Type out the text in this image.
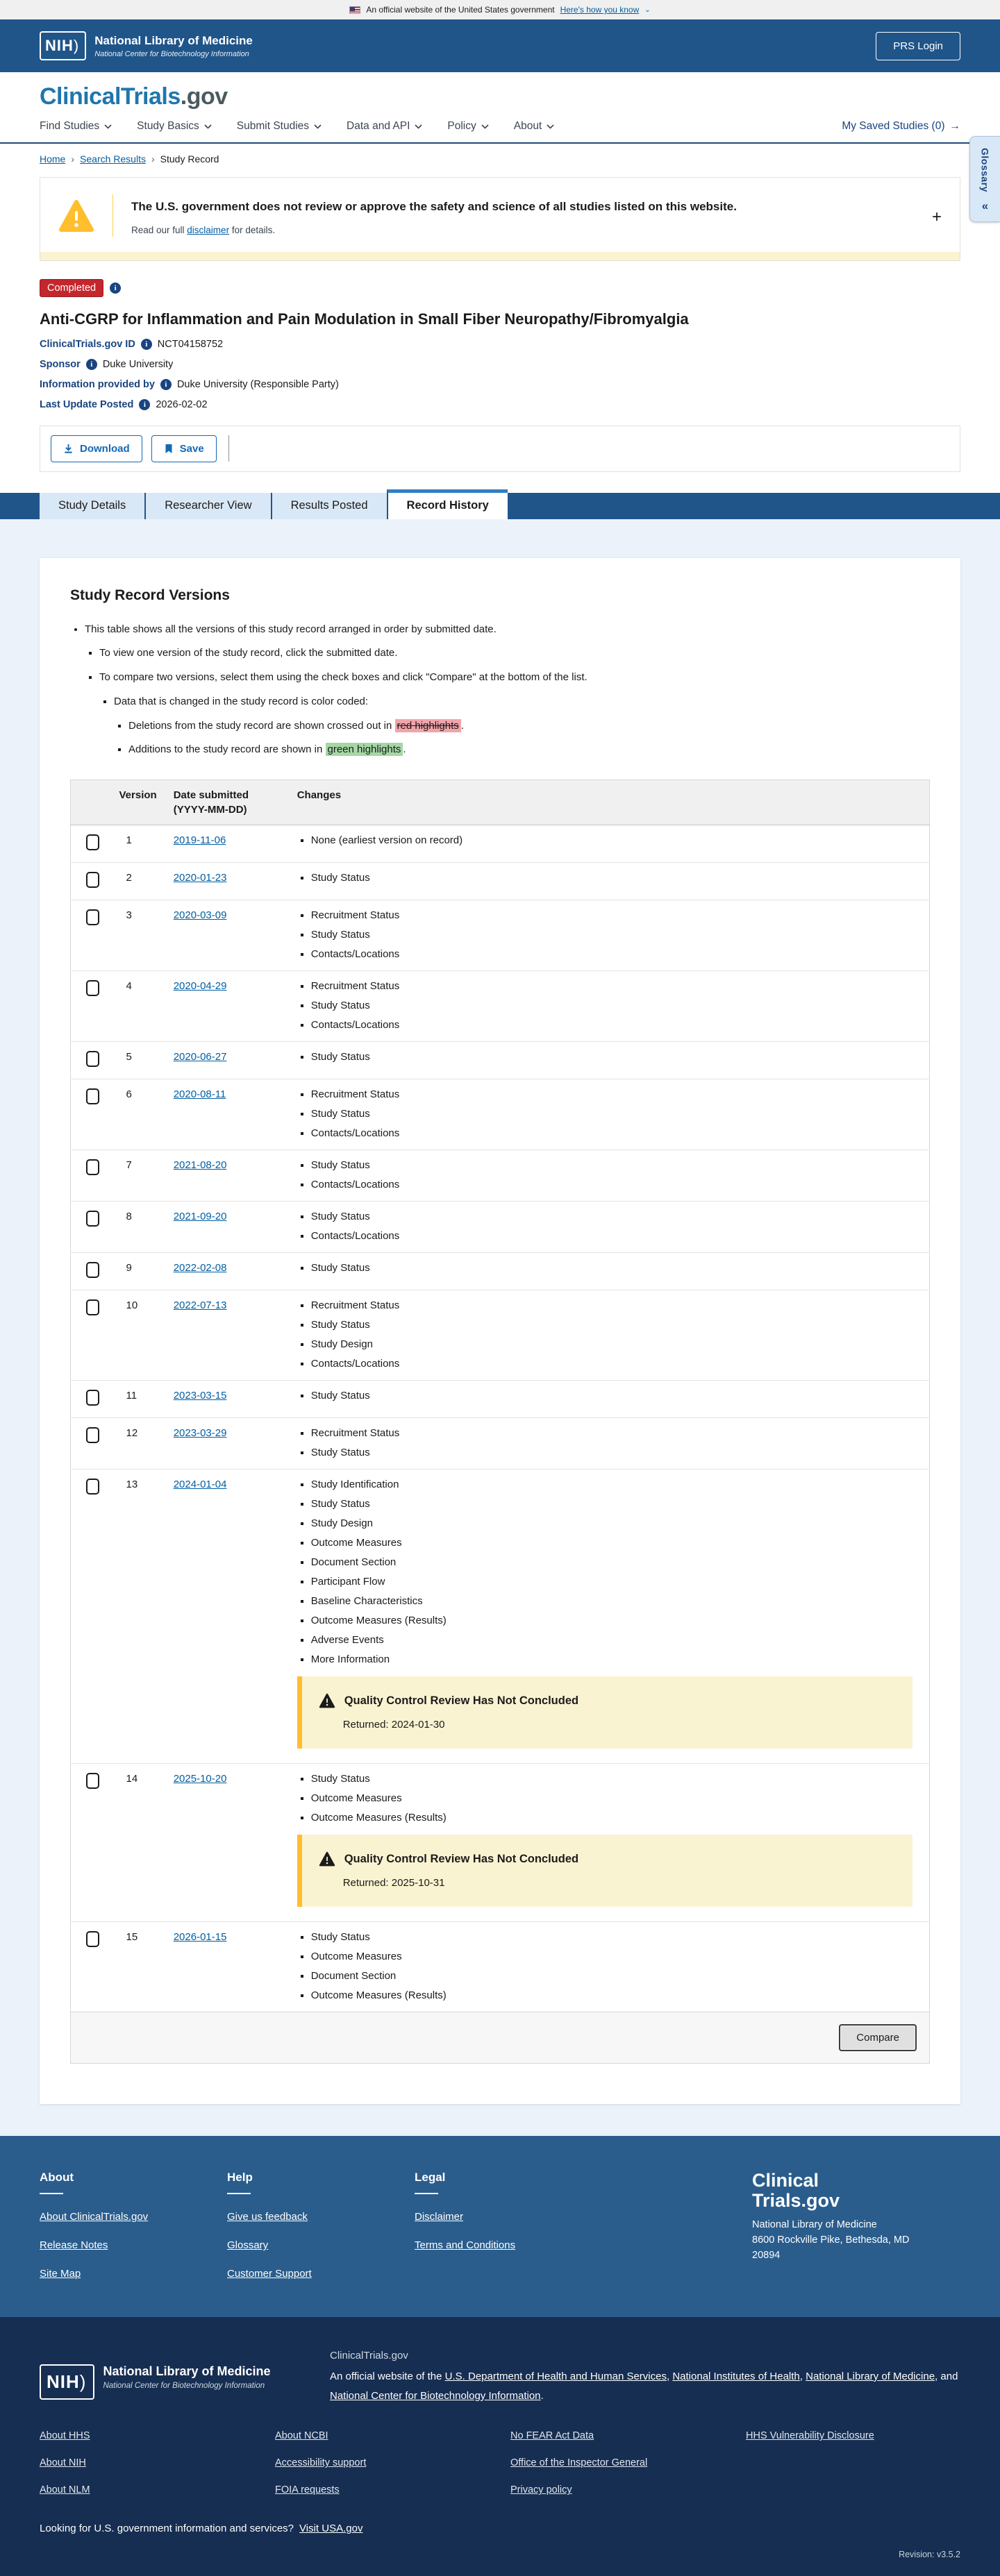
An official website of the United States government Here's how you know ⌄
NIH)	National Library of Medicine
National Center for Biotechnology Information
PRS Login
ClinicalTrials.gov
Find Studies	Study Basics	Submit Studies	Data and API	Policy	About	My Saved Studies (0) →
Home › Search Results › Study Record	Glossary
«
The U.S. government does not review or approve the safety and science of all studies listed on this website.
Read our full disclaimer for details.
+
Completed
i
Anti-CGRP for Inflammation and Pain Modulation in Small Fiber Neuropathy/Fibromyalgia
ClinicalTrials.gov ID i NCT04158752
Sponsor i Duke University
Information provided by i Duke University (Responsible Party)
Last Update Posted i 2026-02-02
Download	Save
Study Details	Researcher View	Results Posted	Record History
Study Record Versions
• This table shows all the versions of this study record arranged in order by submitted date.
▪ To view one version of the study record, click the submitted date.
▪ To compare two versions, select them using the check boxes and click "Compare" at the bottom of the list.
▪ Data that is changed in the study record is color coded:
▪ Deletions from the study record are shown crossed out in red highlights .
▪ Additions to the study record are shown in green highlights .
	Version	Date submitted
(YYYY-MM-DD)	Changes
	1	2019-11-06	
▪None (earliest version on record)

	2	2020-01-23	
▪Study Status

	3	2020-03-09	
▪Recruitment Status
▪ Study Status
▪ Contacts/Locations

	4	2020-04-29	
▪Recruitment Status
▪ Study Status
▪ Contacts/Locations

	5	2020-06-27	
▪Study Status

	6	2020-08-11	
▪Recruitment Status
▪ Study Status
▪ Contacts/Locations

	7	2021-08-20	
▪Study Status
▪ Contacts/Locations

	8	2021-09-20	
▪Study Status
▪ Contacts/Locations

	9	2022-02-08	
▪Study Status

	10	2022-07-13	
▪Recruitment Status
▪ Study Status
▪ Study Design
▪ Contacts/Locations

	11	2023-03-15	
▪Study Status

	12	2023-03-29	
▪Recruitment Status
▪ Study Status

	13	2024-01-04	
▪Study Identification
▪ Study Status
▪ Study Design
▪ Outcome Measures
▪ Document Section
▪ Participant Flow
▪ Baseline Characteristics
▪ Outcome Measures (Results)
▪ Adverse Events
▪ More Information
Quality Control Review Has Not Concluded
Returned: 2024-01-30

	14	2025-10-20	
▪Study Status
▪ Outcome Measures
▪ Outcome Measures (Results)
Quality Control Review Has Not Concluded
Returned: 2025-10-31

	15	2026-01-15	
▪Study Status
▪ Outcome Measures
▪ Document Section
▪ Outcome Measures (Results)

Compare			
About
About ClinicalTrials.gov
Release Notes
Site Map
Help
Give us feedback
Glossary
Customer Support
Legal
Disclaimer
Terms and Conditions
Clinical
Trials.gov
National Library of Medicine
8600 Rockville Pike, Bethesda, MD
20894
NIH)	National Library of Medicine
National Center for Biotechnology Information
ClinicalTrials.gov
An official website of the U.S. Department of Health and Human Services, National Institutes of Health, National Library of Medicine, and National Center for Biotechnology Information.
About HHS
About NIH
About NLM
About NCBI
Accessibility support
FOIA requests
No FEAR Act Data
Office of the Inspector General
Privacy policy
HHS Vulnerability Disclosure
Looking for U.S. government information and services? Visit USA.gov
Revision: v3.5.2
